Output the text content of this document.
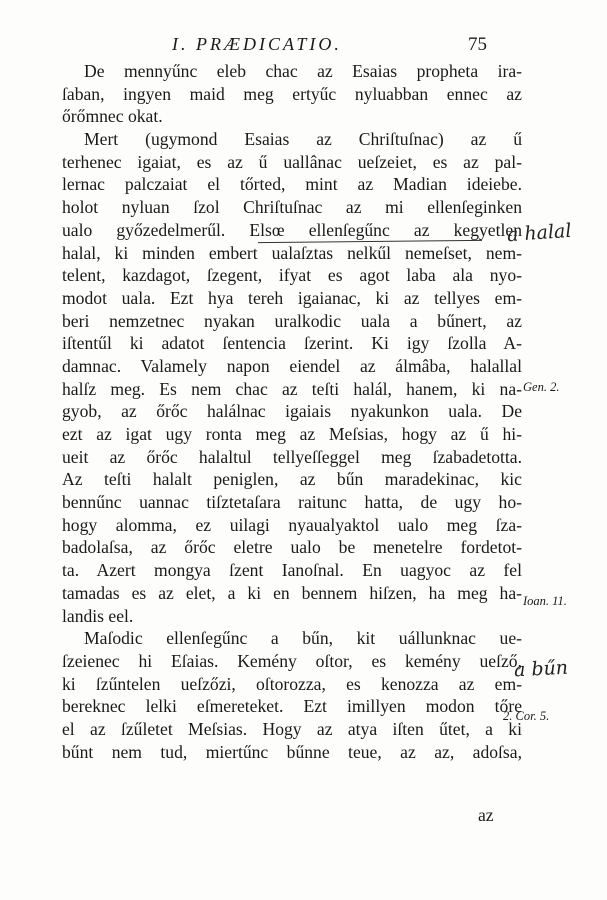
I. PRÆDICATIO.	75
De mennyűnc eleb chac az Esaias propheta ira-
ſaban, ingyen maid meg ertyűc nyluabban ennec az
őrőmnec okat.
Mert (ugymond Esaias az Chriſtuſnac) az ű
terhenec igaiat, es az ű uallânac ueſzeiet, es az pal-
lernac palczaiat el tőrted, mint az Madian ideiebe.
holot nyluan ſzol Chriſtuſnac az mi ellenſeginken
ualo győzedelmerűl. Elsœ ellenſegűnc az kegyetlen
halal, ki minden embert ualaſztas nelkűl nemeſset, nem-
telent, kazdagot, ſzegent, ifyat es agot laba ala nyo-
modot uala. Ezt hya tereh igaianac, ki az tellyes em-
beri nemzetnec nyakan uralkodic uala a bűnert, az
iſtentűl ki adatot ſentencia ſzerint. Ki igy ſzolla A-
damnac. Valamely napon eiendel az álmâba, halallal
halſz meg. Es nem chac az teſti halál, hanem, ki na-
gyob, az őrőc halálnac igaiais nyakunkon uala. De
ezt az igat ugy ronta meg az Meſsias, hogy az ű hi-
ueit az őrőc halaltul tellyeſſeggel meg ſzabadetotta.
Az teſti halalt peniglen, az bűn maradekinac, kic
bennűnc uannac tiſztetaſara raitunc hatta, de ugy ho-
hogy alomma, ez uilagi nyaualyaktol ualo meg ſza-
badolaſsa, az őrőc eletre ualo be menetelre fordetot-
ta. Azert mongya ſzent Ianoſnal. En uagyoc az fel
tamadas es az elet, a ki en bennem hiſzen, ha meg ha-
landis eel.
Maſodic ellenſegűnc a bűn, kit uállunknac ue-
ſzeienec hi Eſaias. Kemény oſtor, es kemény ueſző,
ki ſzűntelen ueſzőzi, oſtorozza, es kenozza az em-
bereknec lelki eſmereteket. Ezt imillyen modon tőre
el az ſzűletet Meſsias. Hogy az atya iſten űtet, a ki
bűnt nem tud, miertűnc bűnne teue, az az, adoſsa,
az
a halal
Gen. 2.
Ioan. 11.
a bűn
2. Cor. 5.
